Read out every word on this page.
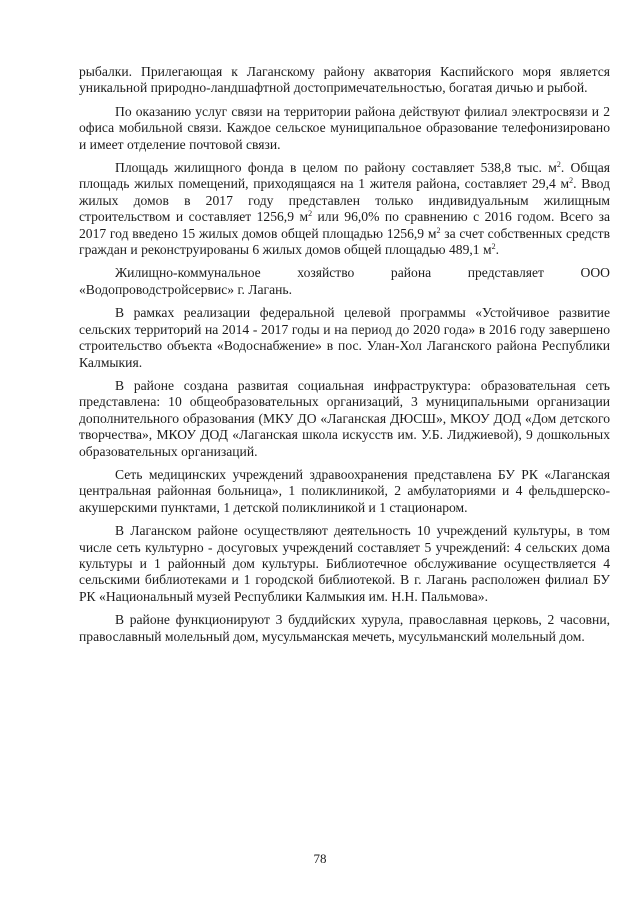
рыбалки. Прилегающая к Лаганскому району акватория Каспийского моря является уникальной природно-ландшафтной достопримечательностью, богатая дичью и рыбой.

По оказанию услуг связи на территории района действуют филиал электросвязи и 2 офиса мобильной связи. Каждое сельское муниципальное образование телефонизировано и имеет отделение почтовой связи.

Площадь жилищного фонда в целом по району составляет 538,8 тыс. $м^2$. Общая площадь жилых помещений, приходящаяся на 1 жителя района, составляет 29,4 $м^2$. Ввод жилых домов в 2017 году представлен только индивидуальным жилищным строительством и составляет 1256,9 $м^2$ или 96,0% по сравнению с 2016 годом. Всего за 2017 год введено 15 жилых домов общей площадью 1256,9 $м^2$ за счет собственных средств граждан и реконструированы 6 жилых домов общей площадью 489,1 $м^2$.

Жилищно-коммунальное хозяйство района представляет ООО «Водопроводстройсервис» г. Лагань.

В рамках реализации федеральной целевой программы «Устойчивое развитие сельских территорий на 2014 - 2017 годы и на период до 2020 года» в 2016 году завершено строительство объекта «Водоснабжение» в пос. Улан-Хол Лаганского района Республики Калмыкия.

В районе создана развитая социальная инфраструктура: образовательная сеть представлена: 10 общеобразовательных организаций, 3 муниципальными организации дополнительного образования (МКУ ДО «Лаганская ДЮСШ», МКОУ ДОД «Дом детского творчества», МКОУ ДОД «Лаганская школа искусств им. У.Б. Лиджиевой), 9 дошкольных образовательных организаций.

Сеть медицинских учреждений здравоохранения представлена БУ РК «Лаганская центральная районная больница», 1 поликлиникой, 2 амбулаториями и 4 фельдшерско-акушерскими пунктами, 1 детской поликлиникой и 1 стационаром.

В Лаганском районе осуществляют деятельность 10 учреждений культуры, в том числе сеть культурно - досуговых учреждений составляет 5 учреждений: 4 сельских дома культуры и 1 районный дом культуры. Библиотечное обслуживание осуществляется 4 сельскими библиотеками и 1 городской библиотекой. В г. Лагань расположен филиал БУ РК «Национальный музей Республики Калмыкия им. Н.Н. Пальмова».

В районе функционируют 3 буддийских хурула, православная церковь, 2 часовни, православный молельный дом, мусульманская мечеть, мусульманский молельный дом.

78
